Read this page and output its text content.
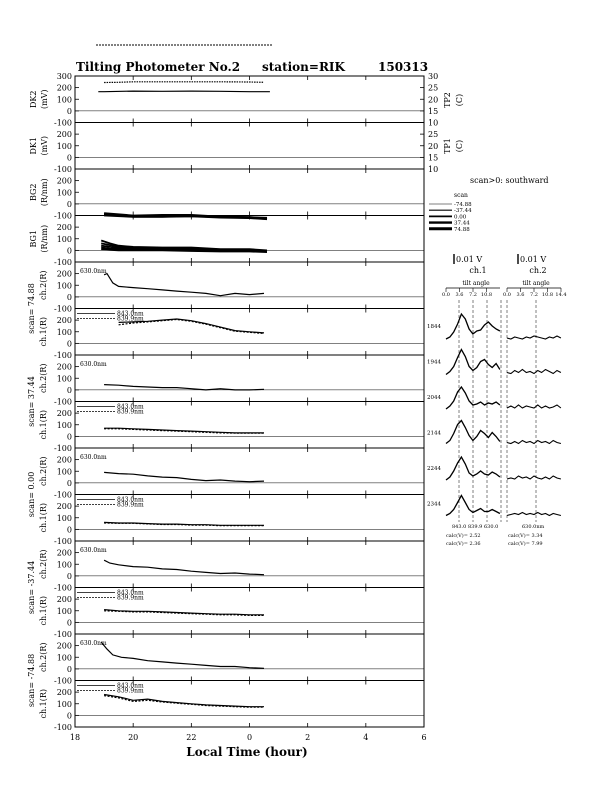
Tilting Photometer No.2 station=RIK	150313
300
200
100
0
-100
DK2 (mV)
200
100
0
-100
DK1 (mV)
200
100
0
-100
BG2 (R/nm)
200
100
0
-100
BG1 (R/nm)
200
100
0
-100
scan= 74.88 ch.2(R)	630.0nm
200
100
0
-100
ch.1(R)
843.0nm
839.9nm
200
100
0
-100
scan= 37.44 ch.2(R)	630.0nm
200
100
0
-100
ch.1(R)
843.0nm
839.9nm
200
100
0
-100
scan= 0.00
ch.2(R)	630.0nm
200
100
0
-100
ch.1(R)
843.0nm
839.9nm
200
100
0
-100
scan= -37.44 ch.2(R)	630.0nm
200
100
0
-100
ch.1(R)
843.0nm
839.9nm
200
100
0
-100
scan= -74.88 ch.2(R)	630.0nm
200
100
0
-100
ch.1(R)
843.0nm
839.9nm
30
25
20
15
10
25
20
15
10
18	20	22	0	2	4	6
Local Time (hour)
TP2 (C)
TP1 (C)
scan>0: southward
scan
-74.88
-37.44
0.00
37.44
74.88
0.01 V	0.01 V
ch.1	ch.2
tilt angle	tilt angle
0.0 3.6 7.2 10.8 0.0 3.6 7.2 10.8 14.4
1844
1944
2044
2144
2244
2344
843.0 839.9 630.0	630.0nm
calc(V)= 2.52
calc(V)= 2.36
calc(V)= 3.34
calc(V)= 7.99
